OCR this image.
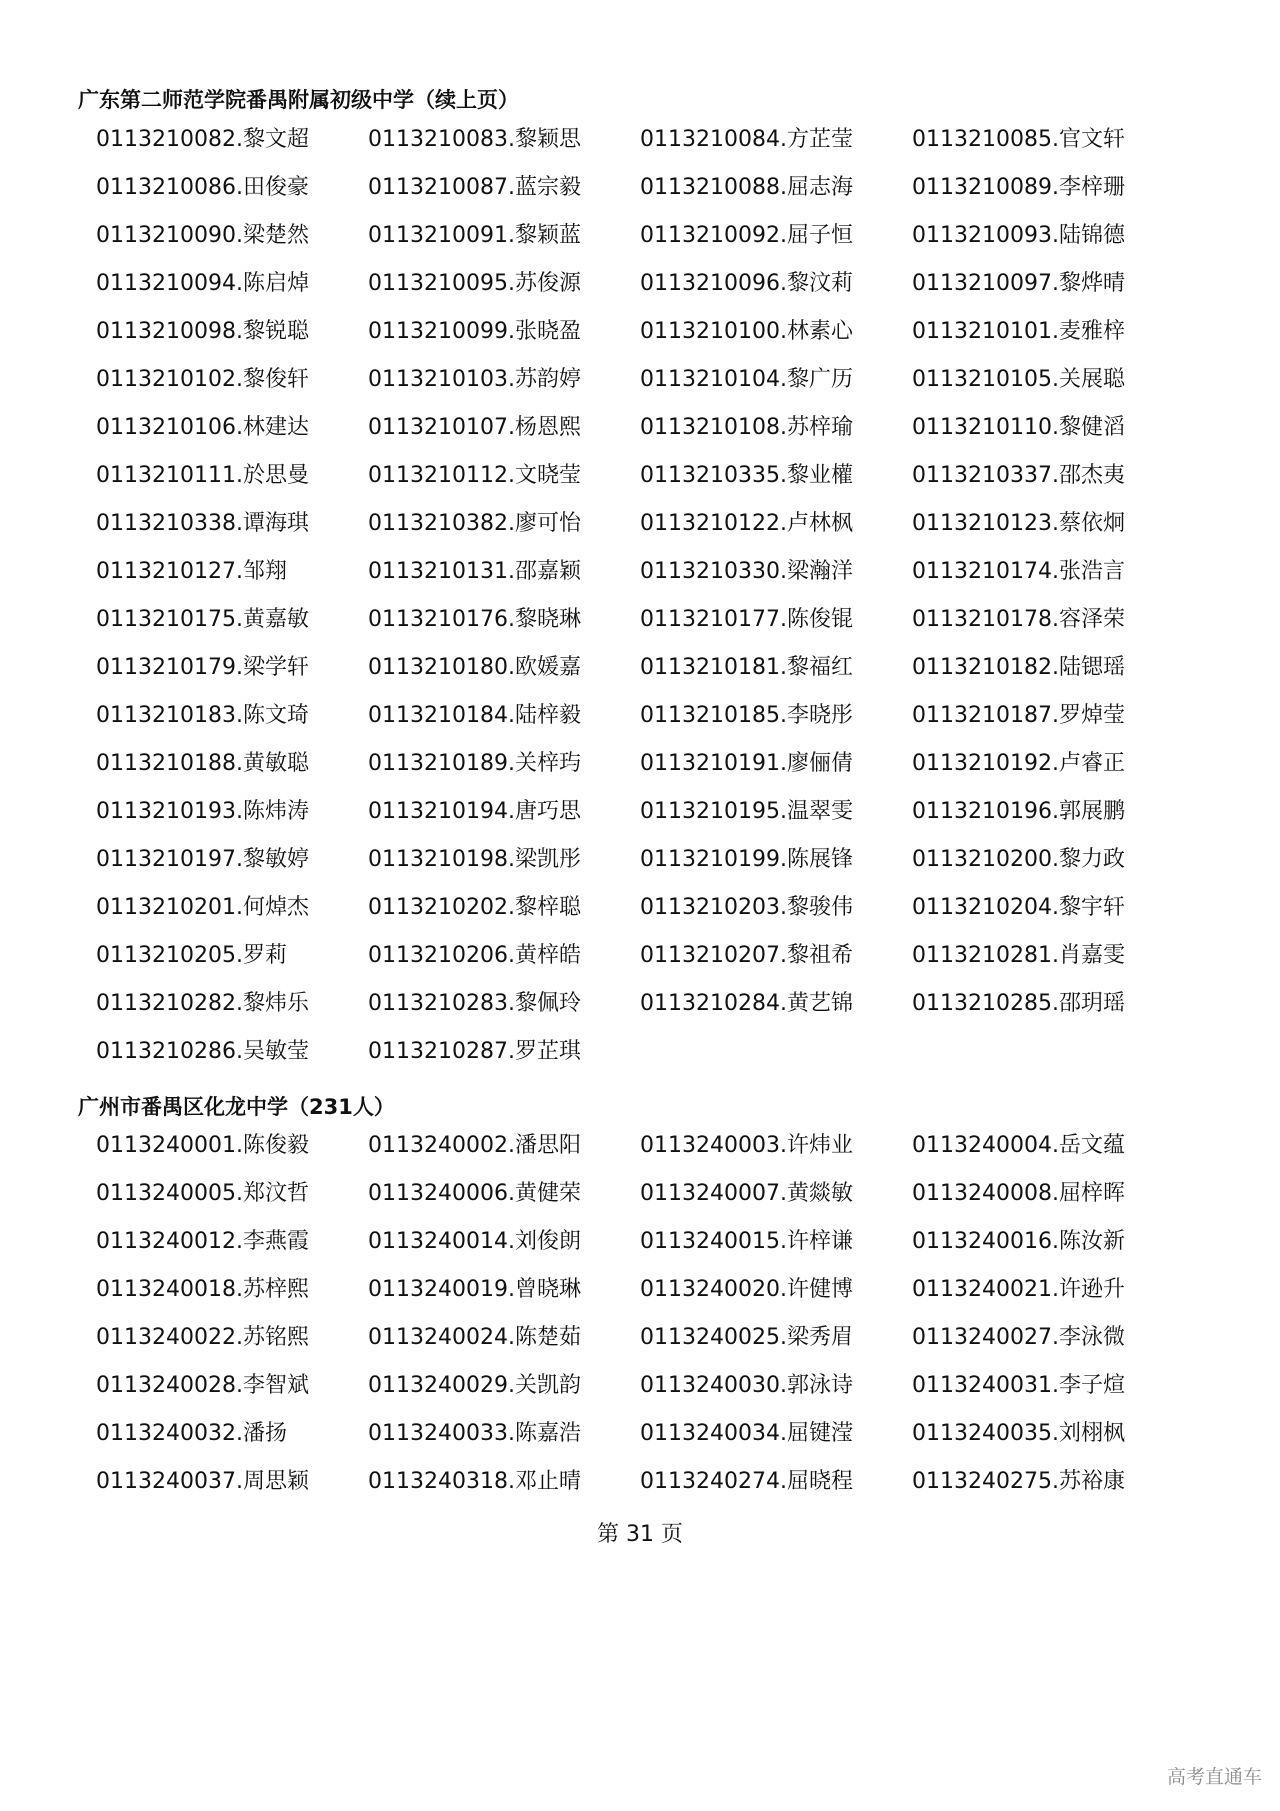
广东第二师范学院番禺附属初级中学（续上页）
0113210082.黎文超	0113210083.黎颖思	0113210084.方芷莹	0113210085.官文轩
0113210086.田俊豪	0113210087.蓝宗毅	0113210088.屈志海	0113210089.李梓珊
0113210090.梁楚然	0113210091.黎颖蓝	0113210092.屈子恒	0113210093.陆锦德
0113210094.陈启焯	0113210095.苏俊源	0113210096.黎汶莉	0113210097.黎烨晴
0113210098.黎锐聪	0113210099.张晓盈	0113210100.林素心	0113210101.麦雅梓
0113210102.黎俊轩	0113210103.苏韵婷	0113210104.黎广历	0113210105.关展聪
0113210106.林建达	0113210107.杨恩熙	0113210108.苏梓瑜	0113210110.黎健滔
0113210111.於思曼	0113210112.文晓莹	0113210335.黎业權	0113210337.邵杰夷
0113210338.谭海琪	0113210382.廖可怡	0113210122.卢林枫	0113210123.蔡依炯
0113210127.邹翔	0113210131.邵嘉颖	0113210330.梁瀚洋	0113210174.张浩言
0113210175.黄嘉敏	0113210176.黎晓琳	0113210177.陈俊锟	0113210178.容泽荣
0113210179.梁学轩	0113210180.欧媛嘉	0113210181.黎福红	0113210182.陆锶瑶
0113210183.陈文琦	0113210184.陆梓毅	0113210185.李晓彤	0113210187.罗焯莹
0113210188.黄敏聪	0113210189.关梓玙	0113210191.廖俪倩	0113210192.卢睿正
0113210193.陈炜涛	0113210194.唐巧思	0113210195.温翠雯	0113210196.郭展鹏
0113210197.黎敏婷	0113210198.梁凯彤	0113210199.陈展锋	0113210200.黎力政
0113210201.何焯杰	0113210202.黎梓聪	0113210203.黎骏伟	0113210204.黎宇轩
0113210205.罗莉	0113210206.黄梓皓	0113210207.黎祖希	0113210281.肖嘉雯
0113210282.黎炜乐	0113210283.黎佩玲	0113210284.黄艺锦	0113210285.邵玥瑶
0113210286.吴敏莹	0113210287.罗芷琪
广州市番禺区化龙中学（231人）
0113240001.陈俊毅	0113240002.潘思阳	0113240003.许炜业	0113240004.岳文蕴
0113240005.郑汶哲	0113240006.黄健荣	0113240007.黄燚敏	0113240008.屈梓晖
0113240012.李燕霞	0113240014.刘俊朗	0113240015.许梓谦	0113240016.陈汝新
0113240018.苏梓熙	0113240019.曾晓琳	0113240020.许健博	0113240021.许逊升
0113240022.苏铭熙	0113240024.陈楚茹	0113240025.梁秀眉	0113240027.李泳微
0113240028.李智斌	0113240029.关凯韵	0113240030.郭泳诗	0113240031.李子煊
0113240032.潘扬	0113240033.陈嘉浩	0113240034.屈键滢	0113240035.刘栩枫
0113240037.周思颖	0113240318.邓止晴	0113240274.屈晓程	0113240275.苏裕康
第 31 页
高考直通车
